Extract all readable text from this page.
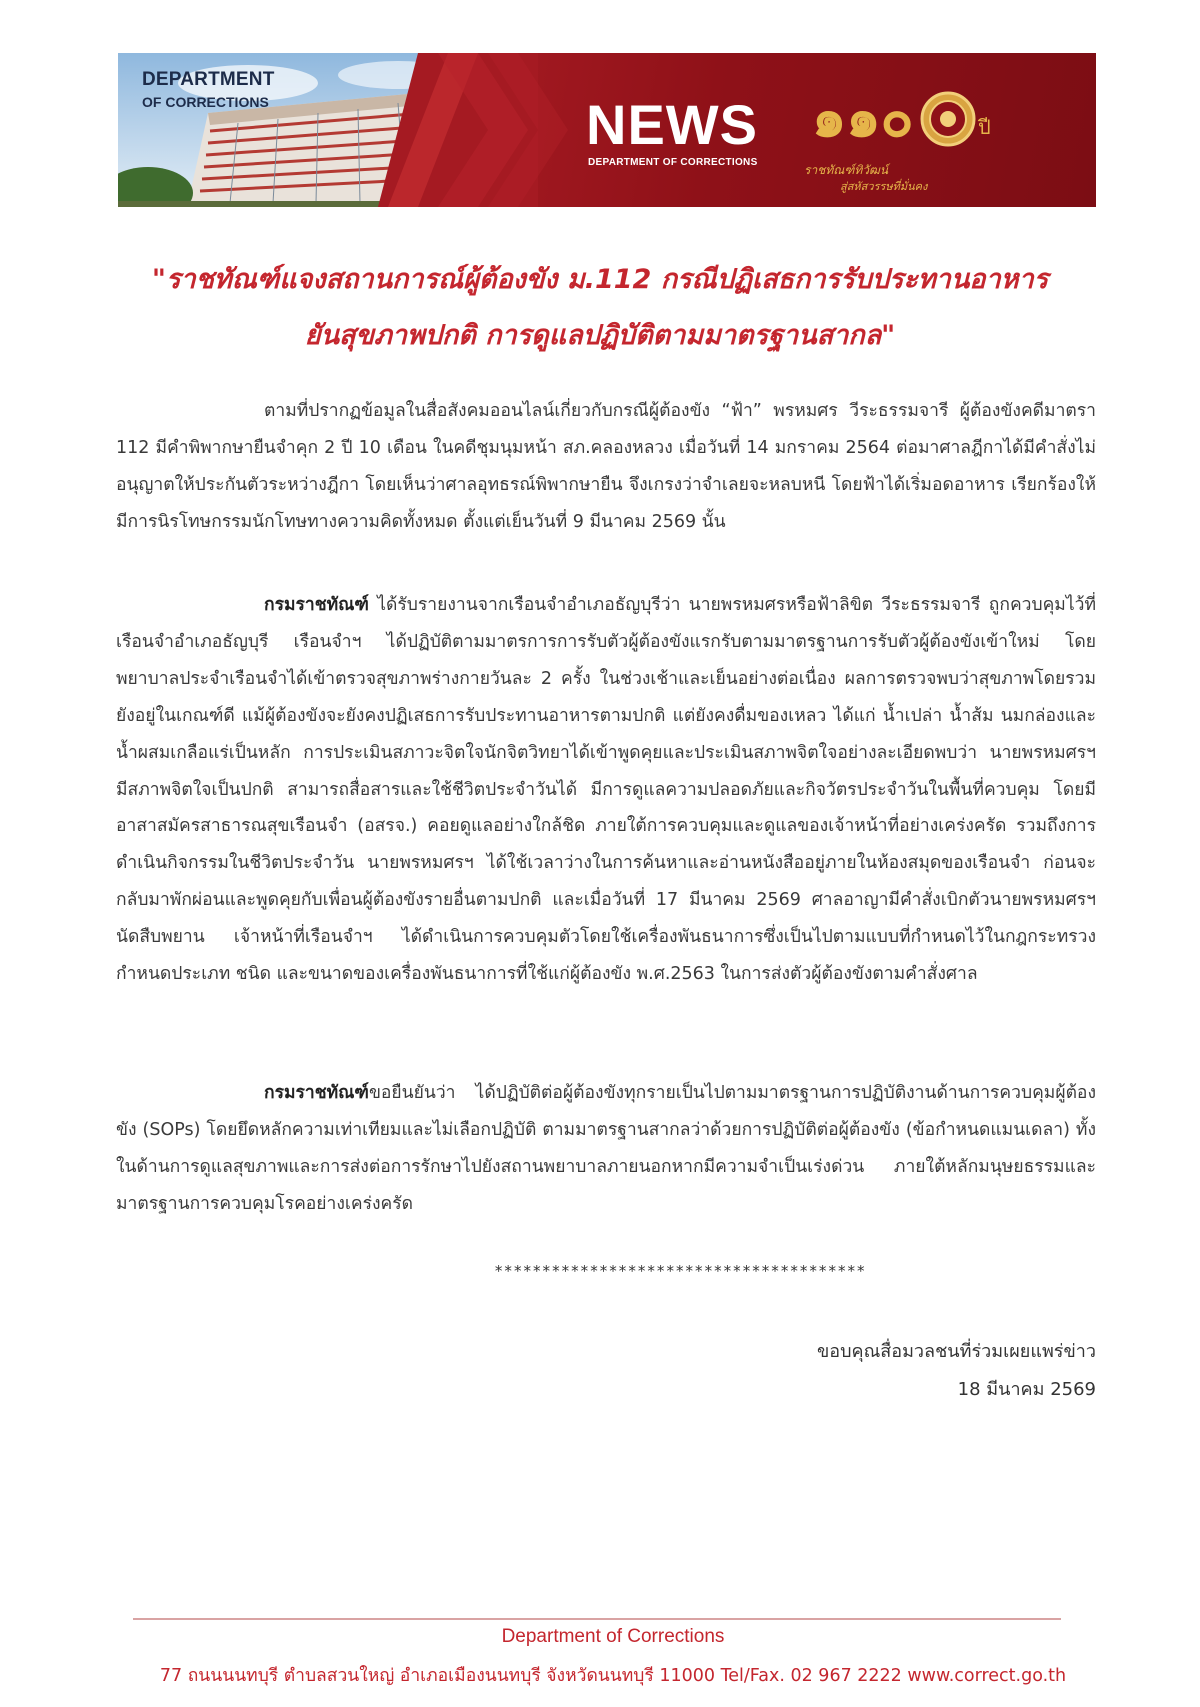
DEPARTMENT

OF CORRECTIONS	NEWS

DEPARTMENT OF CORRECTIONS

๑๑๐	ปี

ราชทัณฑ์ทิวัฒน์

สู่สหัสวรรษที่มั่นคง

"ราชทัณฑ์แจงสถานการณ์ผู้ต้องขัง ม.112 กรณีปฏิเสธการรับประทานอาหาร
ยันสุขภาพปกติ การดูแลปฏิบัติตามมาตรฐานสากล"

ตามที่ปรากฏข้อมูลในสื่อสังคมออนไลน์เกี่ยวกับกรณีผู้ต้องขัง “ฟ้า” พรหมศร วีระธรรมจารี ผู้ต้องขังคดีมาตรา 112 มีคำพิพากษายืนจำคุก 2 ปี 10 เดือน ในคดีชุมนุมหน้า สภ.คลองหลวง เมื่อวันที่ 14 มกราคม 2564 ต่อมาศาลฎีกาได้มีคำสั่งไม่อนุญาตให้ประกันตัวระหว่างฎีกา โดยเห็นว่าศาลอุทธรณ์พิพากษายืน จึงเกรงว่าจำเลยจะหลบหนี โดยฟ้าได้เริ่มอดอาหาร เรียกร้องให้มีการนิรโทษกรรมนักโทษทางความคิดทั้งหมด ตั้งแต่เย็นวันที่ 9 มีนาคม 2569 นั้น

กรมราชทัณฑ์ ได้รับรายงานจากเรือนจำอำเภอธัญบุรีว่า นายพรหมศรหรือฟ้าลิขิต วีระธรรมจารี ถูกควบคุมไว้ที่เรือนจำอำเภอธัญบุรี เรือนจำฯ ได้ปฏิบัติตามมาตรการการรับตัวผู้ต้องขังแรกรับตามมาตรฐานการรับตัวผู้ต้องขังเข้าใหม่ โดยพยาบาลประจำเรือนจำได้เข้าตรวจสุขภาพร่างกายวันละ 2 ครั้ง ในช่วงเช้าและเย็นอย่างต่อเนื่อง ผลการตรวจพบว่าสุขภาพโดยรวมยังอยู่ในเกณฑ์ดี แม้ผู้ต้องขังจะยังคงปฏิเสธการรับประทานอาหารตามปกติ แต่ยังคงดื่มของเหลว ได้แก่ น้ำเปล่า น้ำส้ม นมกล่องและน้ำผสมเกลือแร่เป็นหลัก การประเมินสภาวะจิตใจนักจิตวิทยาได้เข้าพูดคุยและประเมินสภาพจิตใจอย่างละเอียดพบว่า นายพรหมศรฯ มีสภาพจิตใจเป็นปกติ สามารถสื่อสารและใช้ชีวิตประจำวันได้ มีการดูแลความปลอดภัยและกิจวัตรประจำวันในพื้นที่ควบคุม โดยมีอาสาสมัครสาธารณสุขเรือนจำ (อสรจ.) คอยดูแลอย่างใกล้ชิด ภายใต้การควบคุมและดูแลของเจ้าหน้าที่อย่างเคร่งครัด รวมถึงการดำเนินกิจกรรมในชีวิตประจำวัน นายพรหมศรฯ ได้ใช้เวลาว่างในการค้นหาและอ่านหนังสืออยู่ภายในห้องสมุดของเรือนจำ ก่อนจะกลับมาพักผ่อนและพูดคุยกับเพื่อนผู้ต้องขังรายอื่นตามปกติ และเมื่อวันที่ 17 มีนาคม 2569 ศาลอาญามีคำสั่งเบิกตัวนายพรหมศรฯ นัดสืบพยาน เจ้าหน้าที่เรือนจำฯ ได้ดำเนินการควบคุมตัวโดยใช้เครื่องพันธนาการซึ่งเป็นไปตามแบบที่กำหนดไว้ในกฎกระทรวง กำหนดประเภท ชนิด และขนาดของเครื่องพันธนาการที่ใช้แก่ผู้ต้องขัง พ.ศ.2563 ในการส่งตัวผู้ต้องขังตามคำสั่งศาล

กรมราชทัณฑ์ขอยืนยันว่า ได้ปฏิบัติต่อผู้ต้องขังทุกรายเป็นไปตามมาตรฐานการปฏิบัติงานด้านการควบคุมผู้ต้องขัง (SOPs) โดยยึดหลักความเท่าเทียมและไม่เลือกปฏิบัติ ตามมาตรฐานสากลว่าด้วยการปฏิบัติต่อผู้ต้องขัง (ข้อกำหนดแมนเดลา) ทั้งในด้านการดูแลสุขภาพและการส่งต่อการรักษาไปยังสถานพยาบาลภายนอกหากมีความจำเป็นเร่งด่วน ภายใต้หลักมนุษยธรรมและมาตรฐานการควบคุมโรคอย่างเคร่งครัด

***************************************

ขอบคุณสื่อมวลชนที่ร่วมเผยแพร่ข่าว

18 มีนาคม 2569

Department of Corrections

77 ถนนนนทบุรี ตำบลสวนใหญ่ อำเภอเมืองนนทบุรี จังหวัดนนทบุรี 11000 Tel/Fax. 02 967 2222 www.correct.go.th
